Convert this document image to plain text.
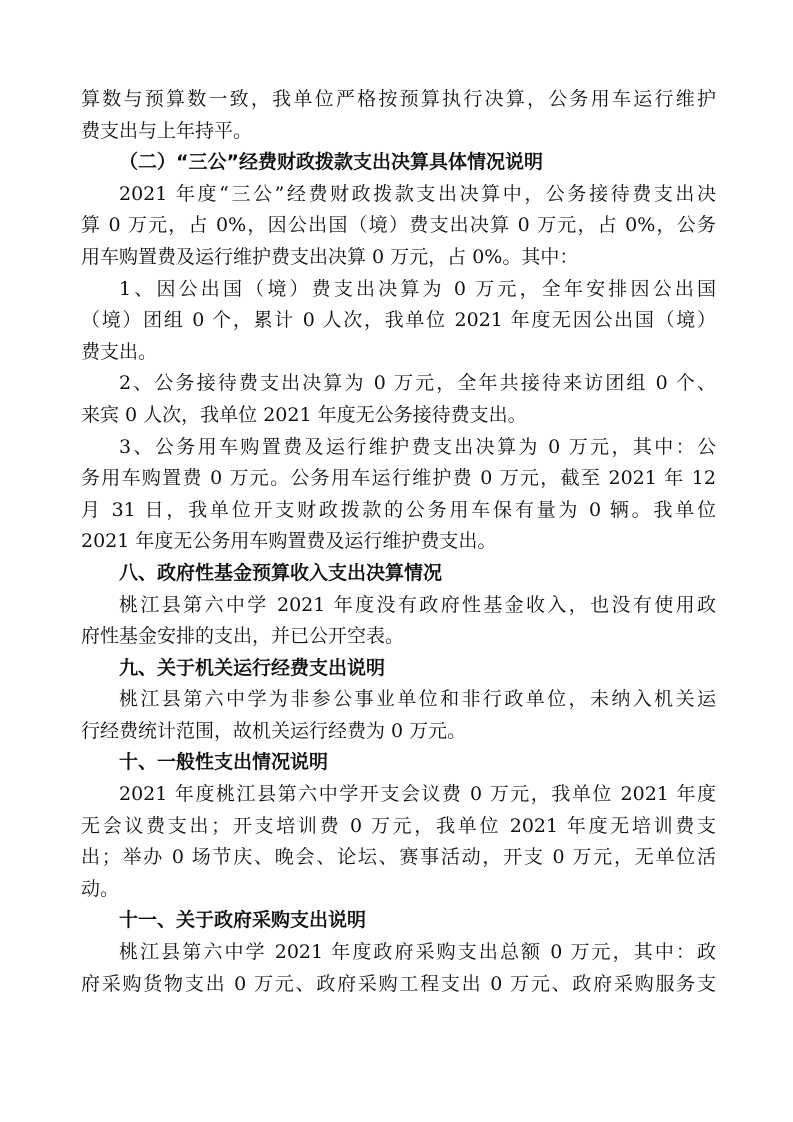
算数与预算数一致，我单位严格按预算执行决算，公务用车运行维护
费支出与上年持平。
（二）“三公”经费财政拨款支出决算具体情况说明
2021 年度“三公”经费财政拨款支出决算中，公务接待费支出决
算 0 万元，占 0%，因公出国（境）费支出决算 0 万元，占 0%，公务
用车购置费及运行维护费支出决算 0 万元，占 0%。其中：
1、因公出国（境）费支出决算为 0 万元，全年安排因公出国
（境）团组 0 个，累计 0 人次，我单位 2021 年度无因公出国（境）
费支出。
2、公务接待费支出决算为 0 万元，全年共接待来访团组 0 个、
来宾 0 人次，我单位 2021 年度无公务接待费支出。
3、公务用车购置费及运行维护费支出决算为 0 万元，其中：公
务用车购置费 0 万元。公务用车运行维护费 0 万元，截至 2021 年 12
月 31 日，我单位开支财政拨款的公务用车保有量为 0 辆。我单位
2021 年度无公务用车购置费及运行维护费支出。
八、政府性基金预算收入支出决算情况
桃江县第六中学 2021 年度没有政府性基金收入，也没有使用政
府性基金安排的支出，并已公开空表。
九、关于机关运行经费支出说明
桃江县第六中学为非参公事业单位和非行政单位，未纳入机关运
行经费统计范围，故机关运行经费为 0 万元。
十、一般性支出情况说明
2021 年度桃江县第六中学开支会议费 0 万元，我单位 2021 年度
无会议费支出；开支培训费 0 万元，我单位 2021 年度无培训费支
出；举办 0 场节庆、晚会、论坛、赛事活动，开支 0 万元，无单位活
动。
十一、关于政府采购支出说明
桃江县第六中学 2021 年度政府采购支出总额 0 万元，其中：政
府采购货物支出 0 万元、政府采购工程支出 0 万元、政府采购服务支
